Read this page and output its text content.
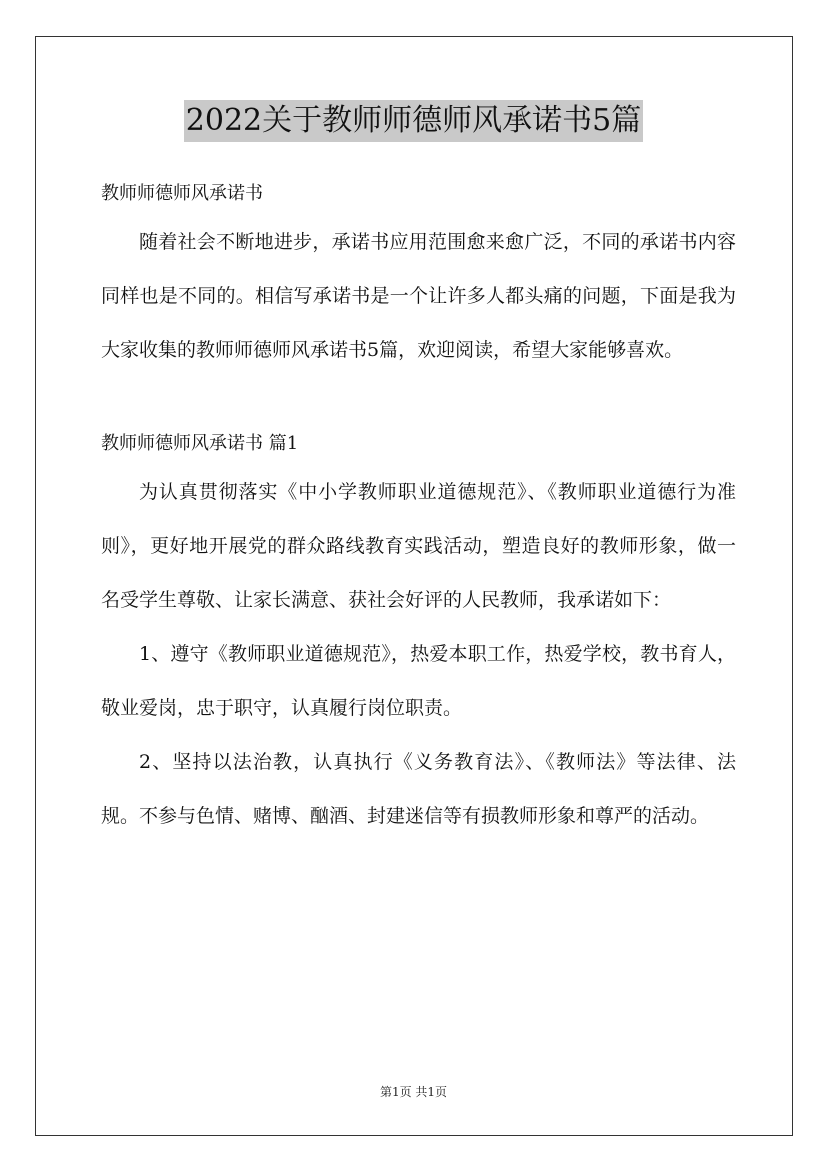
2022关于教师师德师风承诺书5篇

教师师德师风承诺书

随着社会不断地进步，承诺书应用范围愈来愈广泛，不同的承诺书内容同样也是不同的。相信写承诺书是一个让许多人都头痛的问题，下面是我为大家收集的教师师德师风承诺书5篇，欢迎阅读，希望大家能够喜欢。

教师师德师风承诺书 篇1

为认真贯彻落实《中小学教师职业道德规范》、《教师职业道德行为准则》，更好地开展党的群众路线教育实践活动，塑造良好的教师形象，做一名受学生尊敬、让家长满意、获社会好评的人民教师，我承诺如下：

1、遵守《教师职业道德规范》，热爱本职工作，热爱学校，教书育人，敬业爱岗，忠于职守，认真履行岗位职责。

2、坚持以法治教，认真执行《义务教育法》、《教师法》等法律、法规。不参与色情、赌博、酗酒、封建迷信等有损教师形象和尊严的活动。

第1页 共1页
